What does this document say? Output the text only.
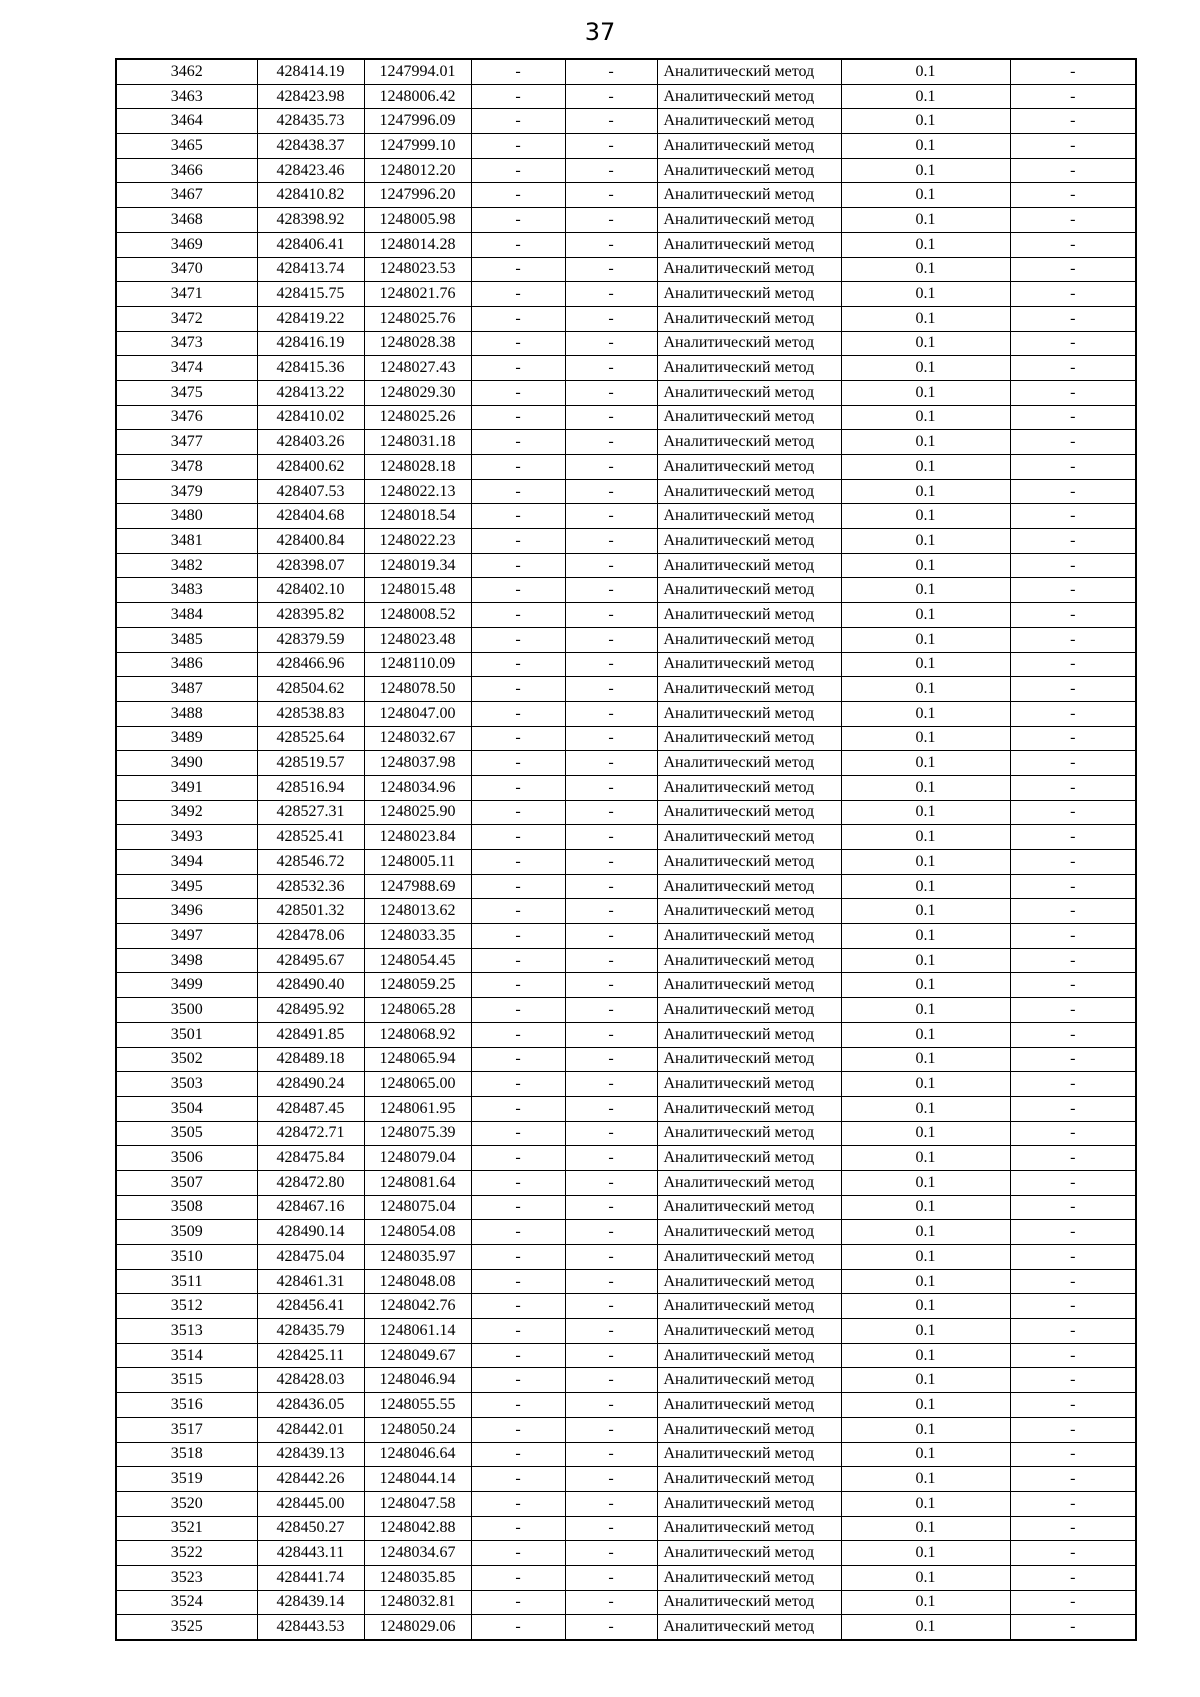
37
3462	428414.19	1247994.01	-	-	Аналитический метод	0.1	-
3463	428423.98	1248006.42	-	-	Аналитический метод	0.1	-
3464	428435.73	1247996.09	-	-	Аналитический метод	0.1	-
3465	428438.37	1247999.10	-	-	Аналитический метод	0.1	-
3466	428423.46	1248012.20	-	-	Аналитический метод	0.1	-
3467	428410.82	1247996.20	-	-	Аналитический метод	0.1	-
3468	428398.92	1248005.98	-	-	Аналитический метод	0.1	-
3469	428406.41	1248014.28	-	-	Аналитический метод	0.1	-
3470	428413.74	1248023.53	-	-	Аналитический метод	0.1	-
3471	428415.75	1248021.76	-	-	Аналитический метод	0.1	-
3472	428419.22	1248025.76	-	-	Аналитический метод	0.1	-
3473	428416.19	1248028.38	-	-	Аналитический метод	0.1	-
3474	428415.36	1248027.43	-	-	Аналитический метод	0.1	-
3475	428413.22	1248029.30	-	-	Аналитический метод	0.1	-
3476	428410.02	1248025.26	-	-	Аналитический метод	0.1	-
3477	428403.26	1248031.18	-	-	Аналитический метод	0.1	-
3478	428400.62	1248028.18	-	-	Аналитический метод	0.1	-
3479	428407.53	1248022.13	-	-	Аналитический метод	0.1	-
3480	428404.68	1248018.54	-	-	Аналитический метод	0.1	-
3481	428400.84	1248022.23	-	-	Аналитический метод	0.1	-
3482	428398.07	1248019.34	-	-	Аналитический метод	0.1	-
3483	428402.10	1248015.48	-	-	Аналитический метод	0.1	-
3484	428395.82	1248008.52	-	-	Аналитический метод	0.1	-
3485	428379.59	1248023.48	-	-	Аналитический метод	0.1	-
3486	428466.96	1248110.09	-	-	Аналитический метод	0.1	-
3487	428504.62	1248078.50	-	-	Аналитический метод	0.1	-
3488	428538.83	1248047.00	-	-	Аналитический метод	0.1	-
3489	428525.64	1248032.67	-	-	Аналитический метод	0.1	-
3490	428519.57	1248037.98	-	-	Аналитический метод	0.1	-
3491	428516.94	1248034.96	-	-	Аналитический метод	0.1	-
3492	428527.31	1248025.90	-	-	Аналитический метод	0.1	-
3493	428525.41	1248023.84	-	-	Аналитический метод	0.1	-
3494	428546.72	1248005.11	-	-	Аналитический метод	0.1	-
3495	428532.36	1247988.69	-	-	Аналитический метод	0.1	-
3496	428501.32	1248013.62	-	-	Аналитический метод	0.1	-
3497	428478.06	1248033.35	-	-	Аналитический метод	0.1	-
3498	428495.67	1248054.45	-	-	Аналитический метод	0.1	-
3499	428490.40	1248059.25	-	-	Аналитический метод	0.1	-
3500	428495.92	1248065.28	-	-	Аналитический метод	0.1	-
3501	428491.85	1248068.92	-	-	Аналитический метод	0.1	-
3502	428489.18	1248065.94	-	-	Аналитический метод	0.1	-
3503	428490.24	1248065.00	-	-	Аналитический метод	0.1	-
3504	428487.45	1248061.95	-	-	Аналитический метод	0.1	-
3505	428472.71	1248075.39	-	-	Аналитический метод	0.1	-
3506	428475.84	1248079.04	-	-	Аналитический метод	0.1	-
3507	428472.80	1248081.64	-	-	Аналитический метод	0.1	-
3508	428467.16	1248075.04	-	-	Аналитический метод	0.1	-
3509	428490.14	1248054.08	-	-	Аналитический метод	0.1	-
3510	428475.04	1248035.97	-	-	Аналитический метод	0.1	-
3511	428461.31	1248048.08	-	-	Аналитический метод	0.1	-
3512	428456.41	1248042.76	-	-	Аналитический метод	0.1	-
3513	428435.79	1248061.14	-	-	Аналитический метод	0.1	-
3514	428425.11	1248049.67	-	-	Аналитический метод	0.1	-
3515	428428.03	1248046.94	-	-	Аналитический метод	0.1	-
3516	428436.05	1248055.55	-	-	Аналитический метод	0.1	-
3517	428442.01	1248050.24	-	-	Аналитический метод	0.1	-
3518	428439.13	1248046.64	-	-	Аналитический метод	0.1	-
3519	428442.26	1248044.14	-	-	Аналитический метод	0.1	-
3520	428445.00	1248047.58	-	-	Аналитический метод	0.1	-
3521	428450.27	1248042.88	-	-	Аналитический метод	0.1	-
3522	428443.11	1248034.67	-	-	Аналитический метод	0.1	-
3523	428441.74	1248035.85	-	-	Аналитический метод	0.1	-
3524	428439.14	1248032.81	-	-	Аналитический метод	0.1	-
3525	428443.53	1248029.06	-	-	Аналитический метод	0.1	-
